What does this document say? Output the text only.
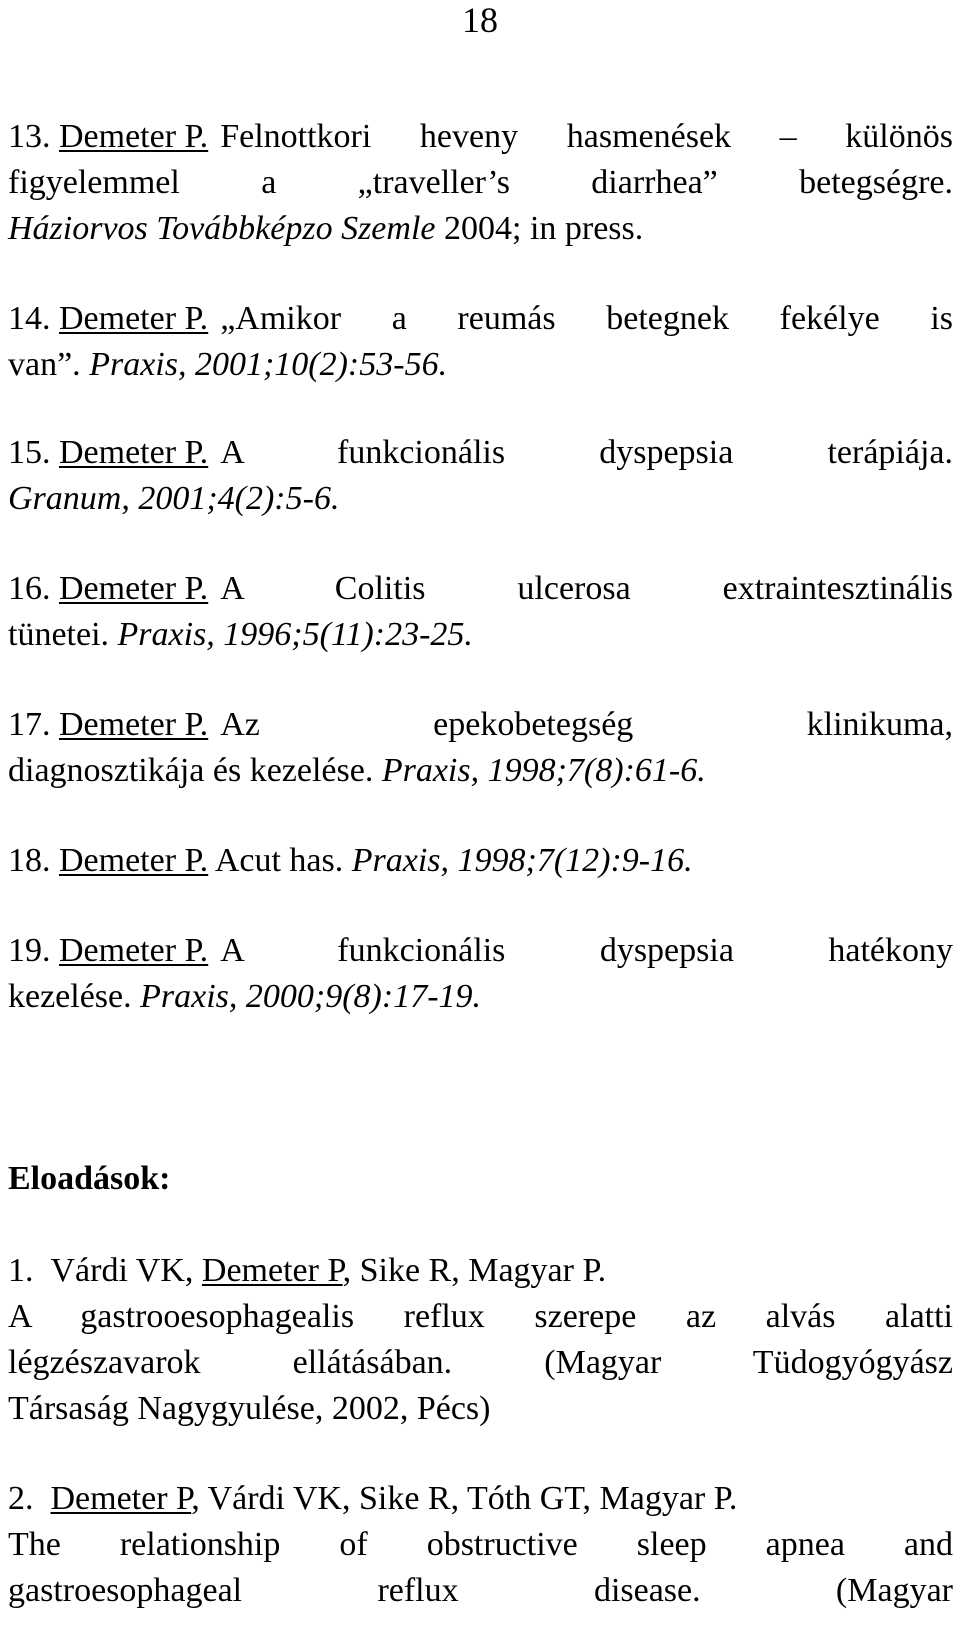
18
13. Demeter P. Felnottkori heveny hasmenések – különös
figyelemmel a „traveller’s diarrhea” betegségre.
Háziorvos Továbbképzo Szemle 2004; in press.
14. Demeter P. „Amikor a reumás betegnek fekélye is
van”. Praxis, 2001;10(2):53-56.
15. Demeter P. A funkcionális dyspepsia terápiája.
Granum, 2001;4(2):5-6.
16. Demeter P. A Colitis ulcerosa extraintesztinális
tünetei. Praxis, 1996;5(11):23-25.
17. Demeter P. Az epekobetegség klinikuma,
diagnosztikája és kezelése. Praxis, 1998;7(8):61-6.
18. Demeter P. Acut has. Praxis, 1998;7(12):9-16.
19. Demeter P. A funkcionális dyspepsia hatékony
kezelése. Praxis, 2000;9(8):17-19.
Eloadások:
1. Várdi VK, Demeter P, Sike R, Magyar P.
A gastrooesophagealis reflux szerepe az alvás alatti
légzészavarok ellátásában. (Magyar Tüdogyógyász
Társaság Nagygyulése, 2002, Pécs)
2. Demeter P, Várdi VK, Sike R, Tóth GT, Magyar P.
The relationship of obstructive sleep apnea and
gastroesophageal reflux disease. (Magyar
